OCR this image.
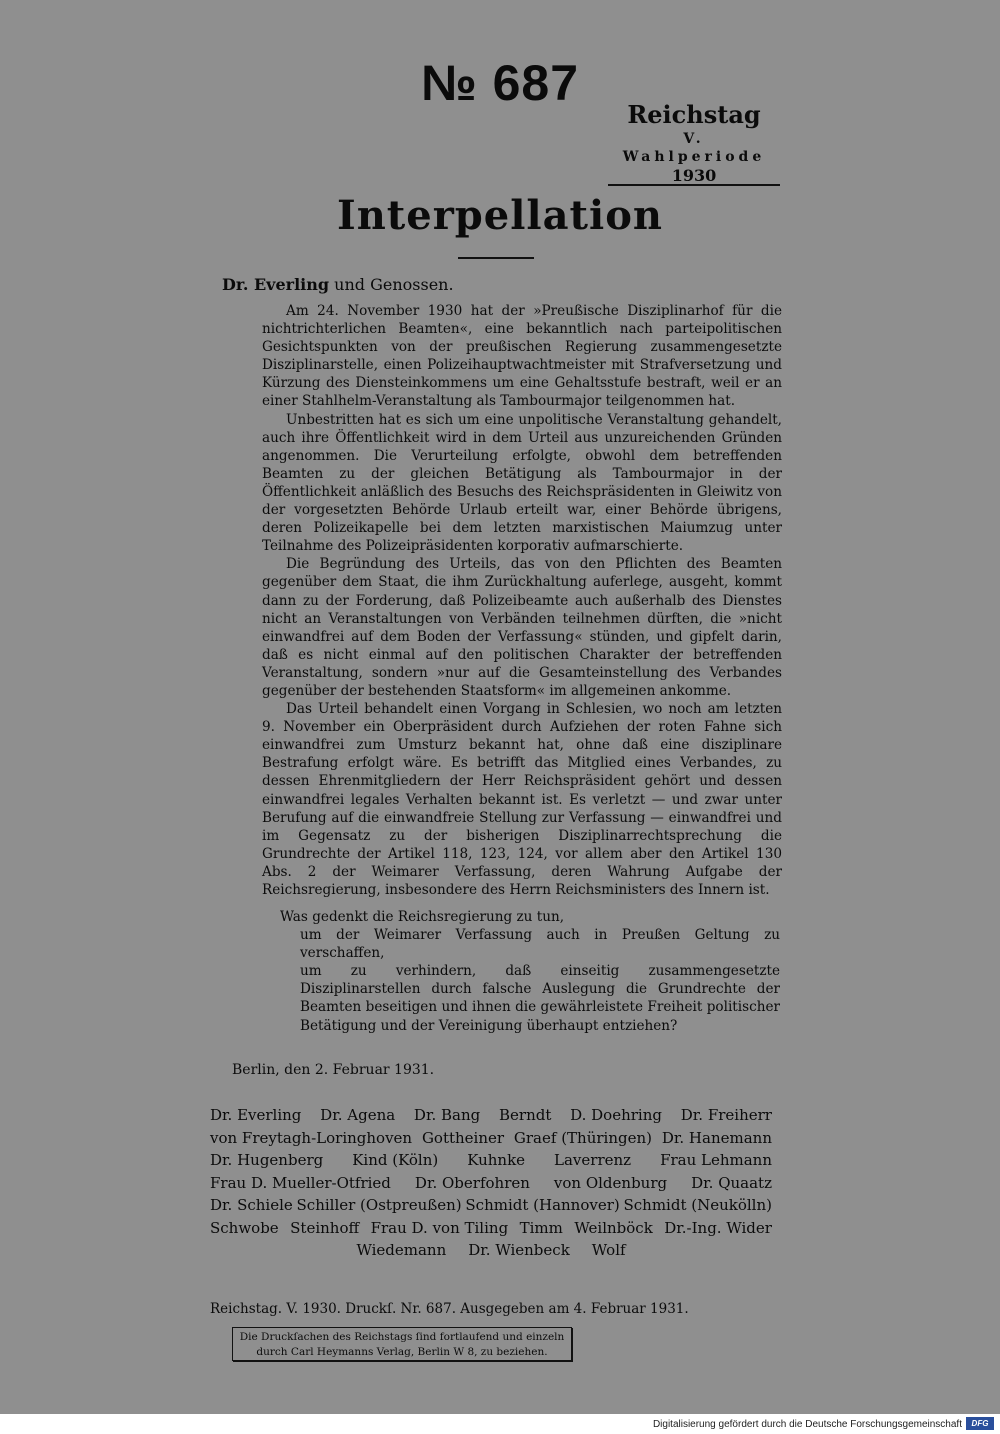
№ 687
Reichstag
V. Wahlperiode
1930
Interpellation
Dr. Everling und Genossen.

Am 24. November 1930 hat der »Preußische Disziplinarhof für die nichtrichterlichen Beamten«, eine bekanntlich nach parteipolitischen Gesichtspunkten von der preußischen Regierung zusammengesetzte Disziplinarstelle, einen Polizeihauptwachtmeister mit Strafversetzung und Kürzung des Diensteinkommens um eine Gehaltsstufe bestraft, weil er an einer Stahlhelm-Veranstaltung als Tambourmajor teilgenommen hat.

Unbestritten hat es sich um eine unpolitische Veranstaltung gehandelt, auch ihre Öffentlichkeit wird in dem Urteil aus unzureichenden Gründen angenommen. Die Verurteilung erfolgte, obwohl dem betreffenden Beamten zu der gleichen Betätigung als Tambourmajor in der Öffentlichkeit anläßlich des Besuchs des Reichspräsidenten in Gleiwitz von der vorgesetzten Behörde Urlaub erteilt war, einer Behörde übrigens, deren Polizeikapelle bei dem letzten marxistischen Maiumzug unter Teilnahme des Polizeipräsidenten korporativ aufmarschierte.

Die Begründung des Urteils, das von den Pflichten des Beamten gegenüber dem Staat, die ihm Zurückhaltung auferlege, ausgeht, kommt dann zu der Forderung, daß Polizeibeamte auch außerhalb des Dienstes nicht an Veranstaltungen von Verbänden teilnehmen dürften, die »nicht einwandfrei auf dem Boden der Verfassung« stünden, und gipfelt darin, daß es nicht einmal auf den politischen Charakter der betreffenden Veranstaltung, sondern »nur auf die Gesamteinstellung des Verbandes gegenüber der bestehenden Staatsform« im allgemeinen ankomme.

Das Urteil behandelt einen Vorgang in Schlesien, wo noch am letzten 9. November ein Oberpräsident durch Aufziehen der roten Fahne sich einwandfrei zum Umsturz bekannt hat, ohne daß eine disziplinare Bestrafung erfolgt wäre. Es betrifft das Mitglied eines Verbandes, zu dessen Ehrenmitgliedern der Herr Reichspräsident gehört und dessen einwandfrei legales Verhalten bekannt ist. Es verletzt — und zwar unter Berufung auf die einwandfreie Stellung zur Verfassung — einwandfrei und im Gegensatz zu der bisherigen Disziplinarrechtsprechung die Grundrechte der Artikel 118, 123, 124, vor allem aber den Artikel 130 Abs. 2 der Weimarer Verfassung, deren Wahrung Aufgabe der Reichsregierung, insbesondere des Herrn Reichsministers des Innern ist.

Was gedenkt die Reichsregierung zu tun,

um der Weimarer Verfassung auch in Preußen Geltung zu verschaffen,

um zu verhindern, daß einseitig zusammengesetzte Disziplinarstellen durch falsche Auslegung die Grundrechte der Beamten beseitigen und ihnen die gewährleistete Freiheit politischer Betätigung und der Vereinigung überhaupt entziehen?

Berlin, den 2. Februar 1931.
Dr. Everling Dr. Agena Dr. Bang Berndt D. Doehring Dr. Freiherr
von Freytagh-Loringhoven Gottheiner Graef (Thüringen) Dr. Hanemann
Dr. Hugenberg Kind (Köln) Kuhnke Laverrenz Frau Lehmann
Frau D. Mueller-Otfried Dr. Oberfohren von Oldenburg Dr. Quaatz
Dr. Schiele Schiller (Ostpreußen) Schmidt (Hannover) Schmidt (Neukölln)
Schwobe Steinhoff Frau D. von Tiling Timm Weilnböck Dr.-Ing. Wider
Wiedemann Dr. Wienbeck Wolf
Reichstag. V. 1930. Druckſ. Nr. 687. Ausgegeben am 4. Februar 1931.
Die Druckſachen des Reichstags ſind fortlaufend und einzeln
durch Carl Heymanns Verlag, Berlin W 8, zu beziehen.
Digitalisierung gefördert durch die Deutsche Forschungsgemeinschaft	DFG
